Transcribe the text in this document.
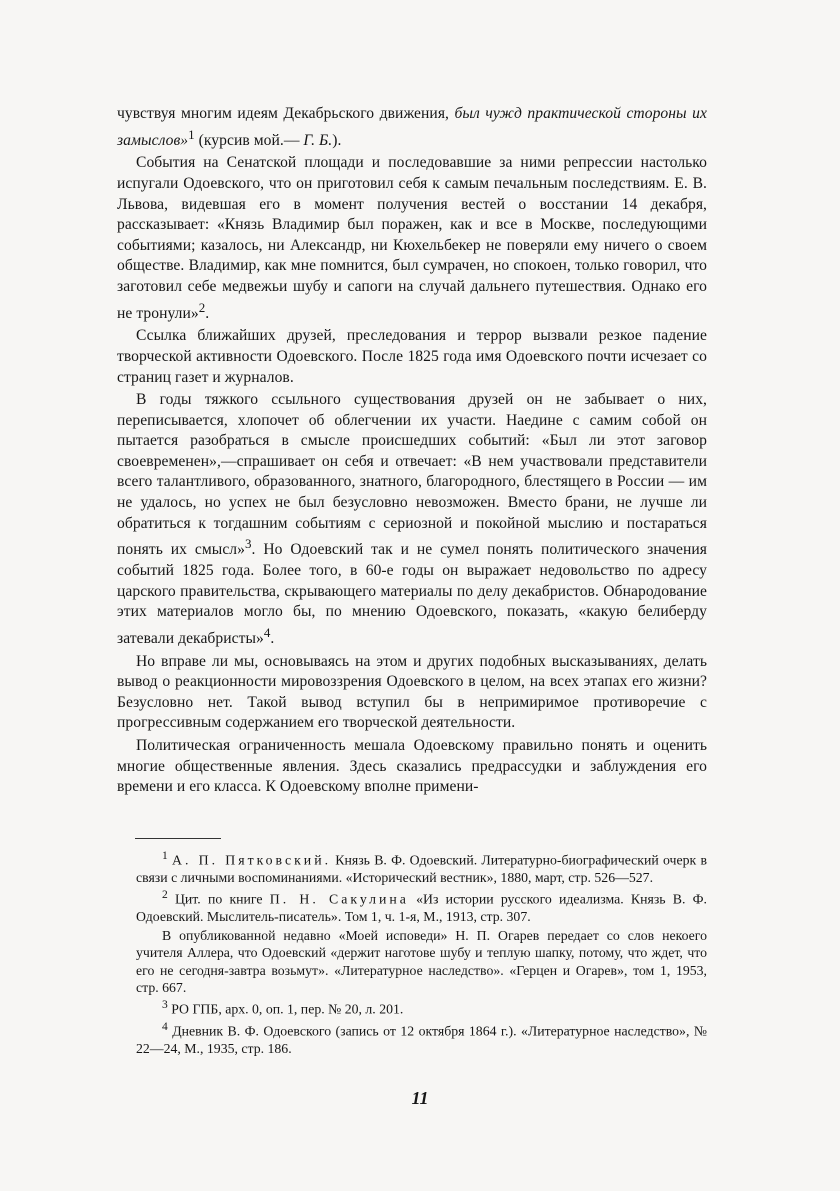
чувствуя многим идеям Декабрьского движения, был чужд практической стороны их замыслов»$^1$ (курсив мой.— Г. Б.).

События на Сенатской площади и последовавшие за ними репрессии настолько испугали Одоевского, что он приготовил себя к самым печальным последствиям. Е. В. Львова, видевшая его в момент получения вестей о восстании 14 декабря, рассказывает: «Князь Владимир был поражен, как и все в Москве, последующими событиями; казалось, ни Александр, ни Кюхельбекер не поверяли ему ничего о своем обществе. Владимир, как мне помнится, был сумрачен, но спокоен, только говорил, что заготовил себе медвежьи шубу и сапоги на случай дальнего путешествия. Однако его не тронули»$^2$.

Ссылка ближайших друзей, преследования и террор вызвали резкое падение творческой активности Одоевского. После 1825 года имя Одоевского почти исчезает со страниц газет и журналов.

В годы тяжкого ссыльного существования друзей он не забывает о них, переписывается, хлопочет об облегчении их участи. Наедине с самим собой он пытается разобраться в смысле происшедших событий: «Был ли этот заговор своевременен»,—спрашивает он себя и отвечает: «В нем участвовали представители всего талантливого, образованного, знатного, благородного, блестящего в России — им не удалось, но успех не был безусловно невозможен. Вместо брани, не лучше ли обратиться к тогдашним событиям с сериозной и покойной мыслию и постараться понять их смысл»$^3$. Но Одоевский так и не сумел понять политического значения событий 1825 года. Более того, в 60-е годы он выражает недовольство по адресу царского правительства, скрывающего материалы по делу декабристов. Обнародование этих материалов могло бы, по мнению Одоевского, показать, «какую белиберду затевали декабристы»$^4$.

Но вправе ли мы, основываясь на этом и других подобных высказываниях, делать вывод о реакционности мировоззрения Одоевского в целом, на всех этапах его жизни? Безусловно нет. Такой вывод вступил бы в непримиримое противоречие с прогрессивным содержанием его творческой деятельности.

Политическая ограниченность мешала Одоевскому правильно понять и оценить многие общественные явления. Здесь сказались предрассудки и заблуждения его времени и его класса. К Одоевскому вполне примени-

$^1$ А. П. Пятковский. Князь В. Ф. Одоевский. Литературно-биографический очерк в связи с личными воспоминаниями. «Исторический вестник», 1880, март, стр. 526—527.

$^2$ Цит. по книге П. Н. Сакулина «Из истории русского идеализма. Князь В. Ф. Одоевский. Мыслитель-писатель». Том 1, ч. 1-я, М., 1913, стр. 307.

В опубликованной недавно «Моей исповеди» Н. П. Огарев передает со слов некоего учителя Аллера, что Одоевский «держит наготове шубу и теплую шапку, потому, что ждет, что его не сегодня-завтра возьмут». «Литературное наследство». «Герцен и Огарев», том 1, 1953, стр. 667.

$^3$ РО ГПБ, арх. 0, оп. 1, пер. № 20, л. 201.

$^4$ Дневник В. Ф. Одоевского (запись от 12 октября 1864 г.). «Литературное наследство», № 22—24, М., 1935, стр. 186.

11
